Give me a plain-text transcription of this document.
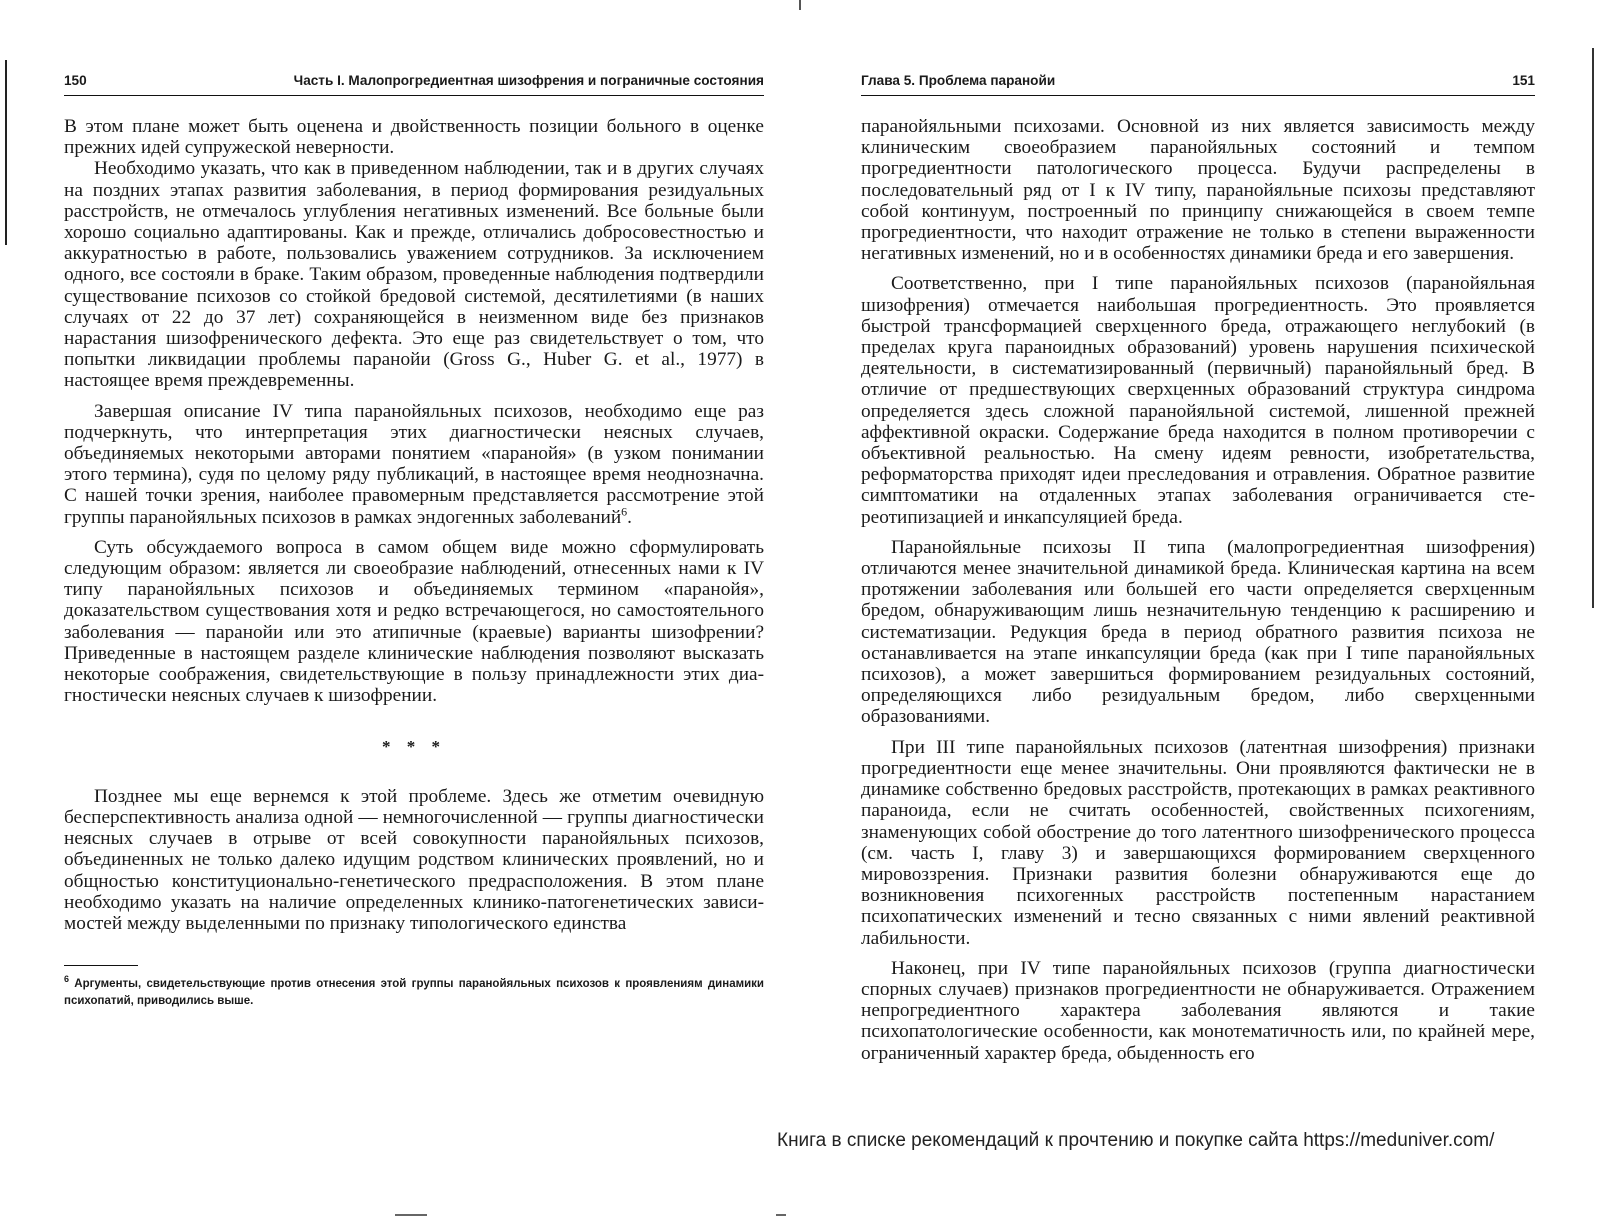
150	Часть I. Малопрогредиентная шизофрения и пограничные состояния

В этом плане может быть оценена и двойственность позиции больного в оценке прежних идей супружеской неверности.

Необходимо указать, что как в приведенном наблюдении, так и в других случаях на поздних этапах развития заболевания, в период формирования резидуальных расстройств, не отмечалось углубления негативных изменений. Все больные были хорошо социально адаптированы. Как и прежде, отличались добросовестностью и аккуратностью в работе, пользовались уважением сотрудников. За исключением одного, все состояли в браке. Таким образом, проведенные наблюдения подтвердили существование психозов со стойкой бредовой системой, десятилетиями (в наших случаях от 22 до 37 лет) сохраняющейся в неизменном виде без признаков нарастания шизофренического дефекта. Это еще раз свидетельствует о том, что попытки ликвидации проблемы паранойи (Gross G., Huber G. et al., 1977) в настоящее время преждевременны.

Завершая описание IV типа паранойяльных психозов, необходимо еще раз подчеркнуть, что интерпретация этих диагностически неясных случаев, объединяемых некоторыми авторами понятием «паранойя» (в узком понимании этого термина), судя по целому ряду публикаций, в настоящее время неоднозначна. С нашей точки зрения, наиболее правомерным представляется рассмотрение этой группы паранойяльных психозов в рамках эндогенных заболеваний$^6$.

Суть обсуждаемого вопроса в самом общем виде можно сформулировать следующим образом: является ли своеобразие наблюдений, отнесенных нами к IV типу паранойяльных психозов и объединяемых термином «паранойя», доказательством существования хотя и редко встречающегося, но самостоятельного заболевания — паранойи или это атипичные (краевые) варианты шизофрении? Приведенные в настоящем разделе клинические наблюдения позволяют высказать некоторые соображения, свидетельствующие в пользу принадлежности этих диагностически неясных случаев к шизофрении.

* * *

Позднее мы еще вернемся к этой проблеме. Здесь же отметим очевидную бесперспективность анализа одной — немногочисленной — группы диагностически неясных случаев в отрыве от всей совокупности паранойяльных психозов, объединенных не только далеко идущим родством клинических проявлений, но и общностью конституционально-генетического предрасположения. В этом плане необходимо указать на наличие определенных клинико-патогенетических зависимостей между выделенными по признаку типологического единства

$^6$ Аргументы, свидетельствующие против отнесения этой группы паранойяльных психозов к проявлениям динамики психопатий, приводились выше.
Глава 5. Проблема паранойи	151

паранойяльными психозами. Основной из них является зависимость между клиническим своеобразием паранойяльных состояний и темпом прогредиентности патологического процесса. Будучи распределены в последовательный ряд от I к IV типу, паранойяльные психозы представляют собой континуум, построенный по принципу снижающейся в своем темпе прогредиентности, что находит отражение не только в степени выраженности негативных изменений, но и в особенностях динамики бреда и его завершения.

Соответственно, при I типе паранойяльных психозов (паранойяльная шизофрения) отмечается наибольшая прогредиентность. Это проявляется быстрой трансформацией сверхценного бреда, отражающего неглубокий (в пределах круга параноидных образований) уровень нарушения психической деятельности, в систематизированный (первичный) паранойяльный бред. В отличие от предшествующих сверхценных образований структура синдрома определяется здесь сложной паранойяльной системой, лишенной прежней аффективной окраски. Содержание бреда находится в полном противоречии с объективной реальностью. На смену идеям ревности, изобретательства, реформаторства приходят идеи преследования и отравления. Обратное развитие симптоматики на отдаленных этапах заболевания ограничивается стереотипизацией и инкапсуляцией бреда.

Паранойяльные психозы II типа (малопрогредиентная шизофрения) отличаются менее значительной динамикой бреда. Клиническая картина на всем протяжении заболевания или большей его части определяется сверхценным бредом, обнаруживающим лишь незначительную тенденцию к расширению и систематизации. Редукция бреда в период обратного развития психоза не останавливается на этапе инкапсуляции бреда (как при I типе паранойяльных психозов), а может завершиться формированием резидуальных состояний, определяющихся либо резидуальным бредом, либо сверхценными образованиями.

При III типе паранойяльных психозов (латентная шизофрения) признаки прогредиентности еще менее значительны. Они проявляются фактически не в динамике собственно бредовых расстройств, протекающих в рамках реактивного параноида, если не считать особенностей, свойственных психогениям, знаменующих собой обострение до того латентного шизофренического процесса (см. часть I, главу 3) и завершающихся формированием сверхценного мировоззрения. Признаки развития болезни обнаруживаются еще до возникновения психогенных расстройств постепенным нарастанием психопатических изменений и тесно связанных с ними явлений реактивной лабильности.

Наконец, при IV типе паранойяльных психозов (группа диагностически спорных случаев) признаков прогредиентности не обнаруживается. Отражением непрогредиентного характера заболевания являются и такие психопатологические особенности, как монотематичность или, по крайней мере, ограниченный характер бреда, обыденность его

Книга в списке рекомендаций к прочтению и покупке сайта https://meduniver.com/
